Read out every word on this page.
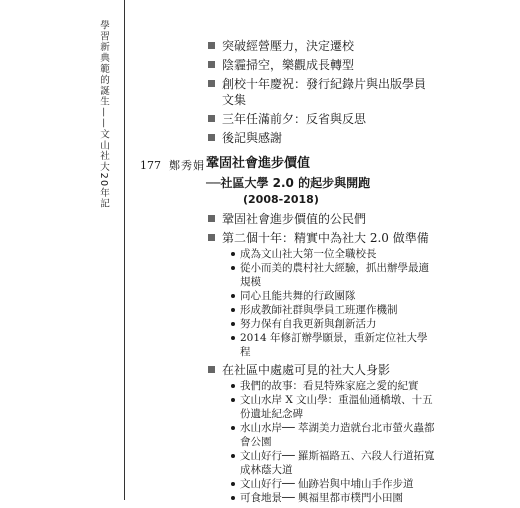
學習新典範的誕生——文山社大20年記	突破經營壓力，決定遷校
陰霾掃空，樂觀成長轉型
創校十年慶祝：發行紀錄片與出版學員文集
三年任滿前夕：反省與反思
後記與感謝
177 鄭秀娟 鞏固社會進步價值
──社區大學 2.0 的起步與開跑
(2008-2018)
鞏固社會進步價值的公民們
第二個十年：精實中為社大 2.0 做準備
成為文山社大第一位全職校長
從小而美的農村社大經驗，抓出辦學最適規模
同心且能共舞的行政團隊
形成教師社群與學員工班運作機制
努力保有自我更新與創新活力
2014 年修訂辦學願景，重新定位社大學程
在社區中處處可見的社大人身影
我們的故事：看見特殊家庭之愛的紀實
文山水岸 X 文山學：重溫仙通橋墩、十五份遺址紀念碑
水山水岸── 萃湖美力造就台北市螢火蟲都會公園
文山好行── 羅斯福路五、六段人行道拓寬成林蔭大道
文山好行── 仙跡岩與中埔山手作步道
可食地景── 興福里都市樸門小田園
